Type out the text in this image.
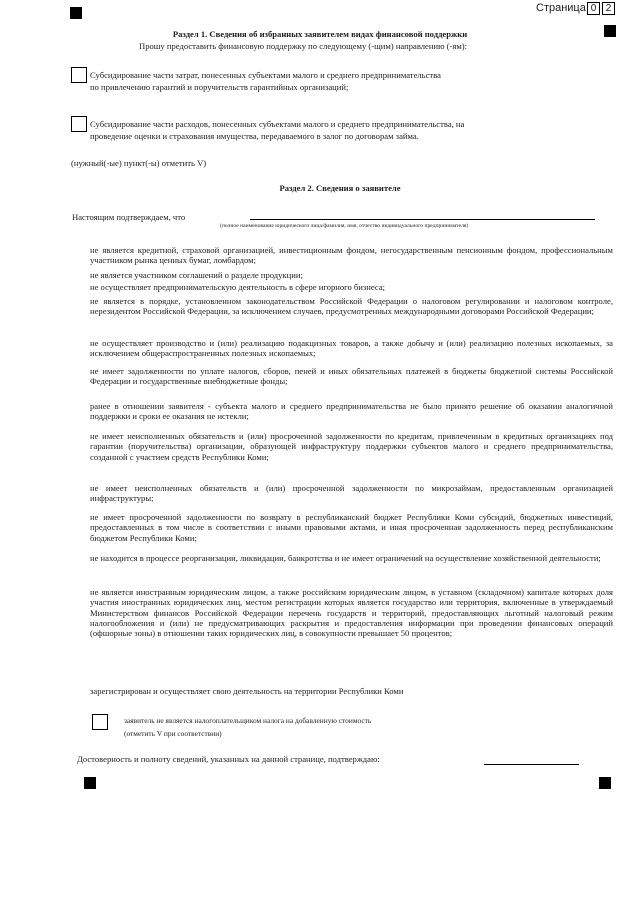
Страница 0 2
Раздел 1. Сведения об избранных заявителем видах финансовой поддержки
Прошу предоставить финансовую поддержку по следующему (-щим) направлению (-ям):
Субсидирование части затрат, понесенных субъектами малого и среднего предпринимательства
по привлечению гарантий и поручительств гарантийных организаций;
Субсидирование части расходов, понесенных субъектами малого и среднего предпринимательства, на
проведение оценки и страхования имущества, передаваемого в залог по договорам займа.
(нужный(-ые) пункт(-ы) отметить V)
Раздел 2. Сведения о заявителе
Настоящим подтверждаем, что
(полное наименование юридического лица/фамилия, имя, отчество индивидуального предпринимателя)
не является кредитной, страховой организацией, инвестиционным фондом, негосударственным пенсионным фондом, профессиональным участником рынка ценных бумаг, ломбардом;
не является участником соглашений о разделе продукции;
не осуществляет предпринимательскую деятельность в сфере игорного бизнеса;
не является в порядке, установленном законодательством Российской Федерации о налоговом регулировании и налоговом контроле, нерезидентом Российской Федерации, за исключением случаев, предусмотренных международными договорами Российской Федерации;
не осуществляет производство и (или) реализацию подакцизных товаров, а также добычу и (или) реализацию полезных ископаемых, за исключением общераспространенных полезных ископаемых;
не имеет задолженности по уплате налогов, сборов, пеней и иных обязательных платежей в бюджеты бюджетной системы Российской Федерации и государственные внебюджетные фонды;
ранее в отношении заявителя - субъекта малого и среднего предпринимательства не было принято решение об оказании аналогичной поддержки и сроки ее оказания не истекли;
не имеет неисполненных обязательств и (или) просроченной задолженности по кредитам, привлеченным в кредитных организациях под гарантии (поручительства) организации, образующей инфраструктуру поддержки субъектов малого и среднего предпринимательства, созданной с участием средств Республики Коми;
не имеет неисполненных обязательств и (или) просроченной задолженности по микрозаймам, предоставленным организацией инфраструктуры;
не имеет просроченной задолженности по возврату в республиканский бюджет Республики Коми субсидий, бюджетных инвестиций, предоставленных в том числе в соответствии с иными правовыми актами, и иная просроченная задолженность перед республиканским бюджетом Республики Коми;
не находится в процессе реорганизации, ликвидации, банкротства и не имеет ограничений на осуществление хозяйственной деятельности;
не является иностранным юридическим лицом, а также российским юридическим лицом, в уставном (складочном) капитале которых доля участия иностранных юридических лиц, местом регистрации которых является государство или территория, включенные в утверждаемый Министерством финансов Российской Федерации перечень государств и территорий, предоставляющих льготный налоговый режим налогообложения и (или) не предусматривающих раскрытия и предоставления информации при проведении финансовых операций (офшорные зоны) в отношении таких юридических лиц, в совокупности превышает 50 процентов;
зарегистрирован и осуществляет свою деятельность на территории Республики Коми
заявитель не является налогоплательщиком налога на добавленную стоимость
(отметить V при соответствии)
Достоверность и полноту сведений, указанных на данной странице, подтверждаю:
